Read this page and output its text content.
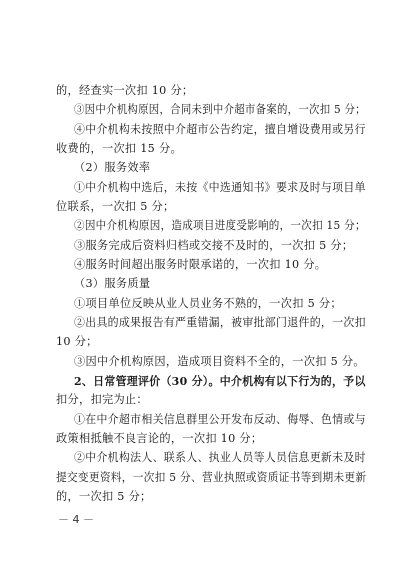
的，经查实一次扣 10 分；
③因中介机构原因，合同未到中介超市备案的，一次扣 5 分；
④中介机构未按照中介超市公告约定，擅自增设费用或另行
收费的，一次扣 15 分。
（2）服务效率
①中介机构中选后，未按《中选通知书》要求及时与项目单
位联系，一次扣 5 分；
②因中介机构原因，造成项目进度受影响的，一次扣 15 分；
③服务完成后资料归档或交接不及时的，一次扣 5 分；
④服务时间超出服务时限承诺的，一次扣 10 分。
（3）服务质量
①项目单位反映从业人员业务不熟的，一次扣 5 分；
②出具的成果报告有严重错漏，被审批部门退件的，一次扣
10 分；
③因中介机构原因，造成项目资料不全的，一次扣 5 分。
2、日常管理评价（30 分）。中介机构有以下行为的，予以
扣分，扣完为止：
①在中介超市相关信息群里公开发布反动、侮辱、色情或与
政策相抵触不良言论的，一次扣 10 分；
②中介机构法人、联系人、执业人员等人员信息更新未及时
提交变更资料，一次扣 5 分、营业执照或资质证书等到期未更新
的，一次扣 5 分；
－ 4 －
